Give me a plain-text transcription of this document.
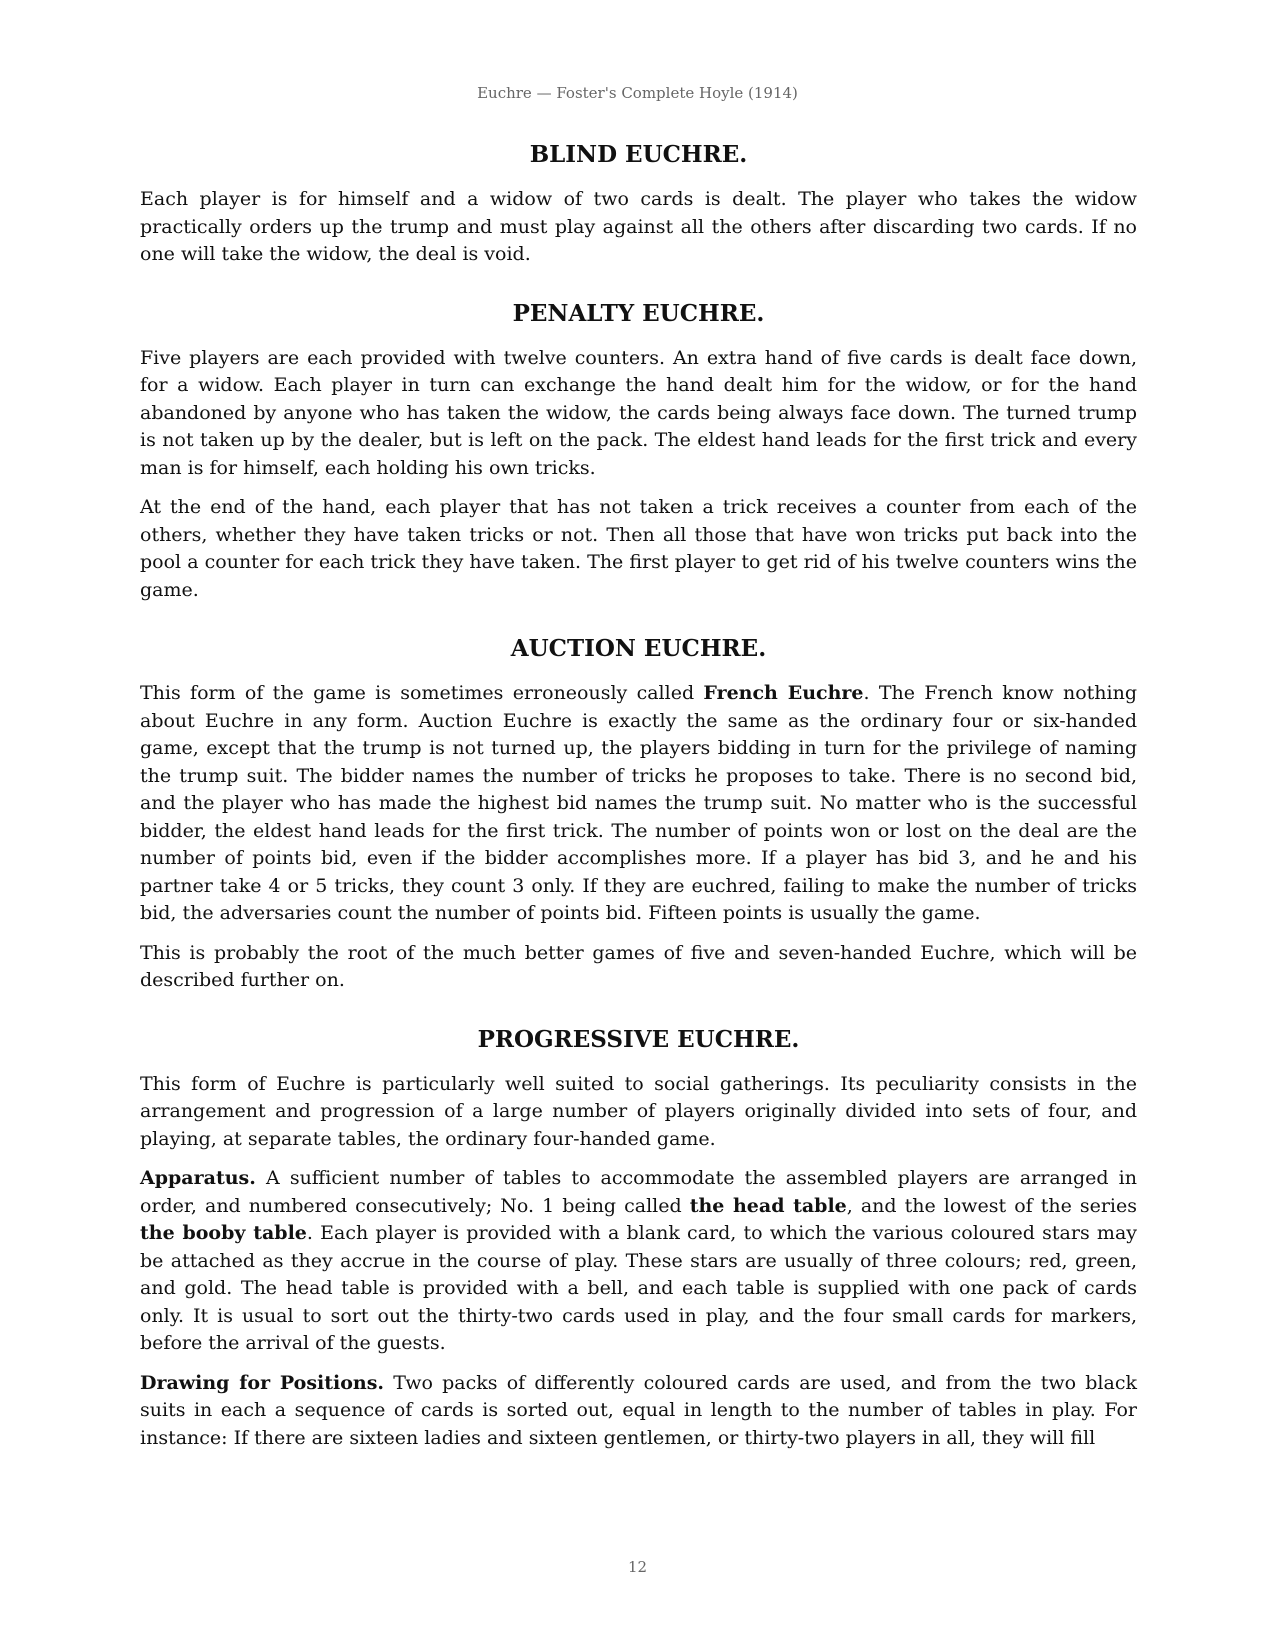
Euchre — Foster's Complete Hoyle (1914)
BLIND EUCHRE.

Each player is for himself and a widow of two cards is dealt. The player who takes the widow practically orders up the trump and must play against all the others after discarding two cards. If no one will take the widow, the deal is void.

PENALTY EUCHRE.

Five players are each provided with twelve counters. An extra hand of five cards is dealt face down, for a widow. Each player in turn can exchange the hand dealt him for the widow, or for the hand abandoned by anyone who has taken the widow, the cards being always face down. The turned trump is not taken up by the dealer, but is left on the pack. The eldest hand leads for the first trick and every man is for himself, each holding his own tricks.

At the end of the hand, each player that has not taken a trick receives a counter from each of the others, whether they have taken tricks or not. Then all those that have won tricks put back into the pool a counter for each trick they have taken. The first player to get rid of his twelve counters wins the game.

AUCTION EUCHRE.

This form of the game is sometimes erroneously called French Euchre. The French know nothing about Euchre in any form. Auction Euchre is exactly the same as the ordinary four or six-handed game, except that the trump is not turned up, the players bidding in turn for the privilege of naming the trump suit. The bidder names the number of tricks he proposes to take. There is no second bid, and the player who has made the highest bid names the trump suit. No matter who is the successful bidder, the eldest hand leads for the first trick. The number of points won or lost on the deal are the number of points bid, even if the bidder accomplishes more. If a player has bid 3, and he and his partner take 4 or 5 tricks, they count 3 only. If they are euchred, failing to make the number of tricks bid, the adversaries count the number of points bid. Fifteen points is usually the game.

This is probably the root of the much better games of five and seven-handed Euchre, which will be described further on.

PROGRESSIVE EUCHRE.

This form of Euchre is particularly well suited to social gatherings. Its peculiarity consists in the arrangement and progression of a large number of players originally divided into sets of four, and playing, at separate tables, the ordinary four-handed game.

Apparatus. A sufficient number of tables to accommodate the assembled players are arranged in order, and numbered consecutively; No. 1 being called the head table, and the lowest of the series the booby table. Each player is provided with a blank card, to which the various coloured stars may be attached as they accrue in the course of play. These stars are usually of three colours; red, green, and gold. The head table is provided with a bell, and each table is supplied with one pack of cards only. It is usual to sort out the thirty-two cards used in play, and the four small cards for markers, before the arrival of the guests.

Drawing for Positions. Two packs of differently coloured cards are used, and from the two black suits in each a sequence of cards is sorted out, equal in length to the number of tables in play. For instance: If there are sixteen ladies and sixteen gentlemen, or thirty-two players in all, they will fill

12
